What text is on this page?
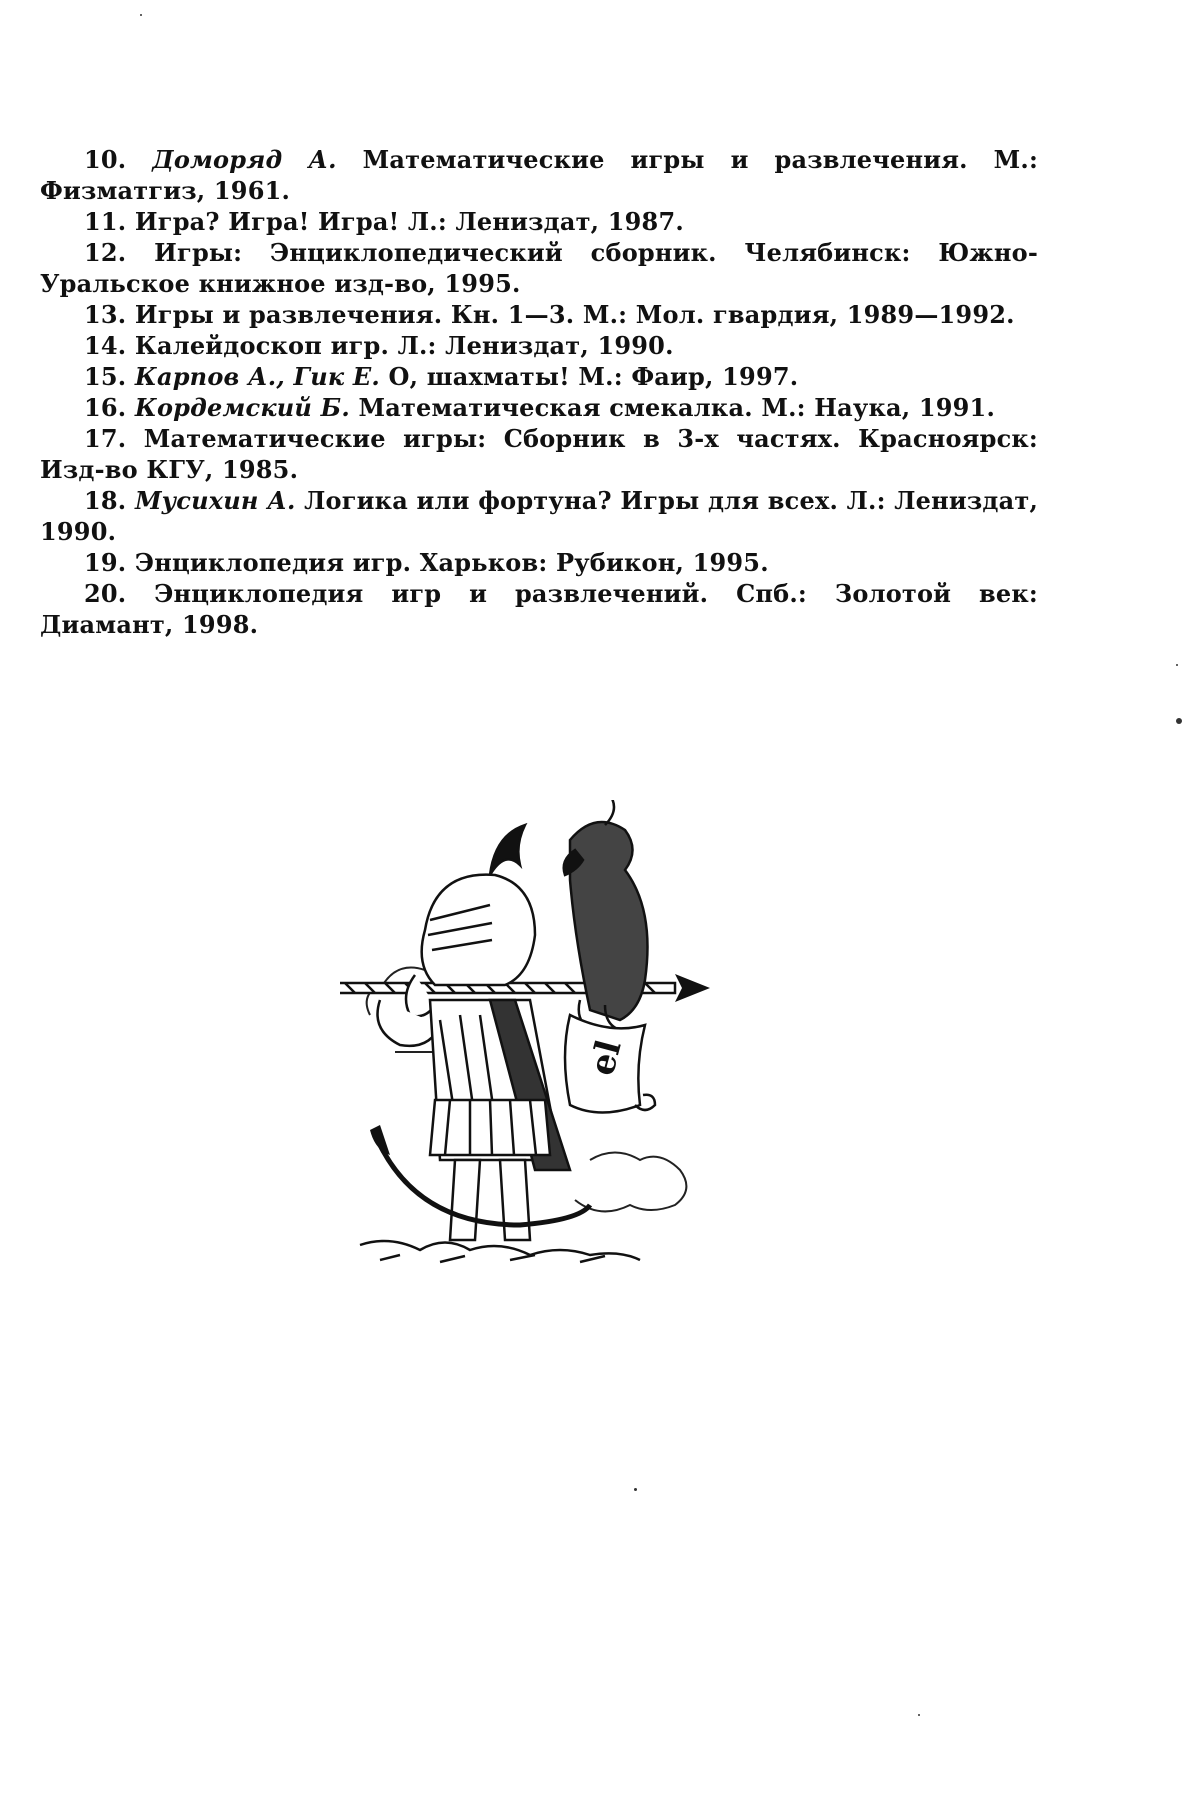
10. Доморяд А. Математические игры и развлечения. М.: Физматгиз, 1961.

11. Игра? Игра! Игра! Л.: Лениздат, 1987.

12. Игры: Энциклопедический сборник. Челябинск: Южно-Уральское книжное изд-во, 1995.

13. Игры и развлечения. Кн. 1—3. М.: Мол. гвардия, 1989—1992.

14. Калейдоскоп игр. Л.: Лениздат, 1990.

15. Карпов А., Гик Е. О, шахматы! М.: Фаир, 1997.

16. Кордемский Б. Математическая смекалка. М.: Наука, 1991.

17. Математические игры: Сборник в 3-х частях. Красноярск: Изд-во КГУ, 1985.

18. Мусихин А. Логика или фортуна? Игры для всех. Л.: Лениздат, 1990.

19. Энциклопедия игр. Харьков: Рубикон, 1995.

20. Энциклопедия игр и развлечений. Спб.: Золотой век: Диамант, 1998.

el
